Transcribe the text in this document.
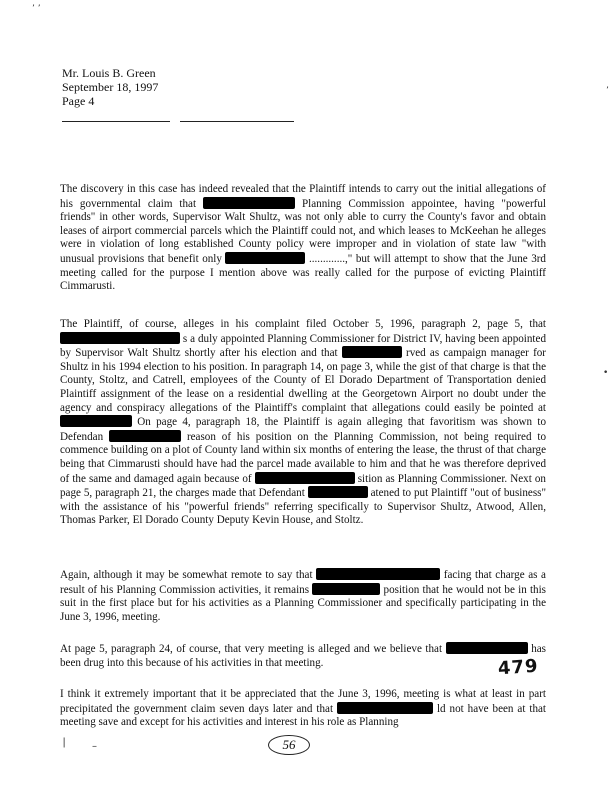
’ ’
’
•
Mr. Louis B. Green
September 18, 1997
Page 4

The discovery in this case has indeed revealed that the Plaintiff intends to carry out the initial allegations of his governmental claim that	Planning Commission appointee, having "powerful friends" in other words, Supervisor Walt Shultz, was not only able to curry the County's favor and obtain leases of airport commercial parcels which the Plaintiff could not, and which leases to McKeehan he alleges were in violation of long established County policy were improper and in violation of state law "with unusual provisions that benefit only	.............," but will attempt to show that the June 3rd meeting called for the purpose I mention above was really called for the purpose of evicting Plaintiff Cimmarusti.

The Plaintiff, of course, alleges in his complaint filed October 5, 1996, paragraph 2, page 5, that  s a duly appointed Planning Commissioner for District IV, having been appointed by Supervisor Walt Shultz shortly after his election and that	rved as campaign manager for Shultz in his 1994 election to his position. In paragraph 14, on page 3, while the gist of that charge is that the County, Stoltz, and Catrell, employees of the County of El Dorado Department of Transportation denied Plaintiff assignment of the lease on a residential dwelling at the Georgetown Airport no doubt under the agency and conspiracy allegations of the Plaintiff's complaint that allegations could easily be pointed at  On page 4, paragraph 18, the Plaintiff is again alleging that favoritism was shown to Defendan	reason of his position on the Planning Commission, not being required to commence building on a plot of County land within six months of entering the lease, the thrust of that charge being that Cimmarusti should have had the parcel made available to him and that he was therefore deprived of the same and damaged again because of	sition as Planning Commissioner. Next on page 5, paragraph 21, the charges made that Defendant	atened to put Plaintiff "out of business" with the assistance of his "powerful friends" referring specifically to Supervisor Shultz, Atwood, Allen, Thomas Parker, El Dorado County Deputy Kevin House, and Stoltz.

Again, although it may be somewhat remote to say that	facing that charge as a result of his Planning Commission activities, it remains	position that he would not be in this suit in the first place but for his activities as a Planning Commissioner and specifically participating in the June 3, 1996, meeting.

At page 5, paragraph 24, of course, that very meeting is alleged and we believe that	has been drug into this because of his activities in that meeting.

I think it extremely important that it be appreciated that the June 3, 1996, meeting is what at least in part precipitated the government claim seven days later and that	ld not have been at that meeting save and except for his activities and interest in his role as Planning

479
56
❘ –
